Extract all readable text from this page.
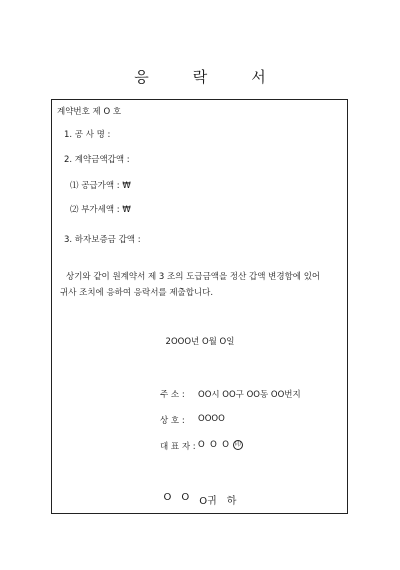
응	락	서
계약번호 제 O 호
1. 공 사 명 :
2. 계약금액갑액 :
⑴ 공급가액 : ₩
⑵ 부가세액 : ₩
3. 하자보증금 갑액 :
상기와 같이 원계약서 제 3 조의 도급금액을 정산 갑액 변경함에 있어
귀사 조치에 응하여 응락서를 제출합니다.
2OOO년 O월 O일
주 소 :	OO시 OO구 OO동 OO번지
상 호 :	OOOO
대 표 자 : O  O  O 印
O O O귀 하
